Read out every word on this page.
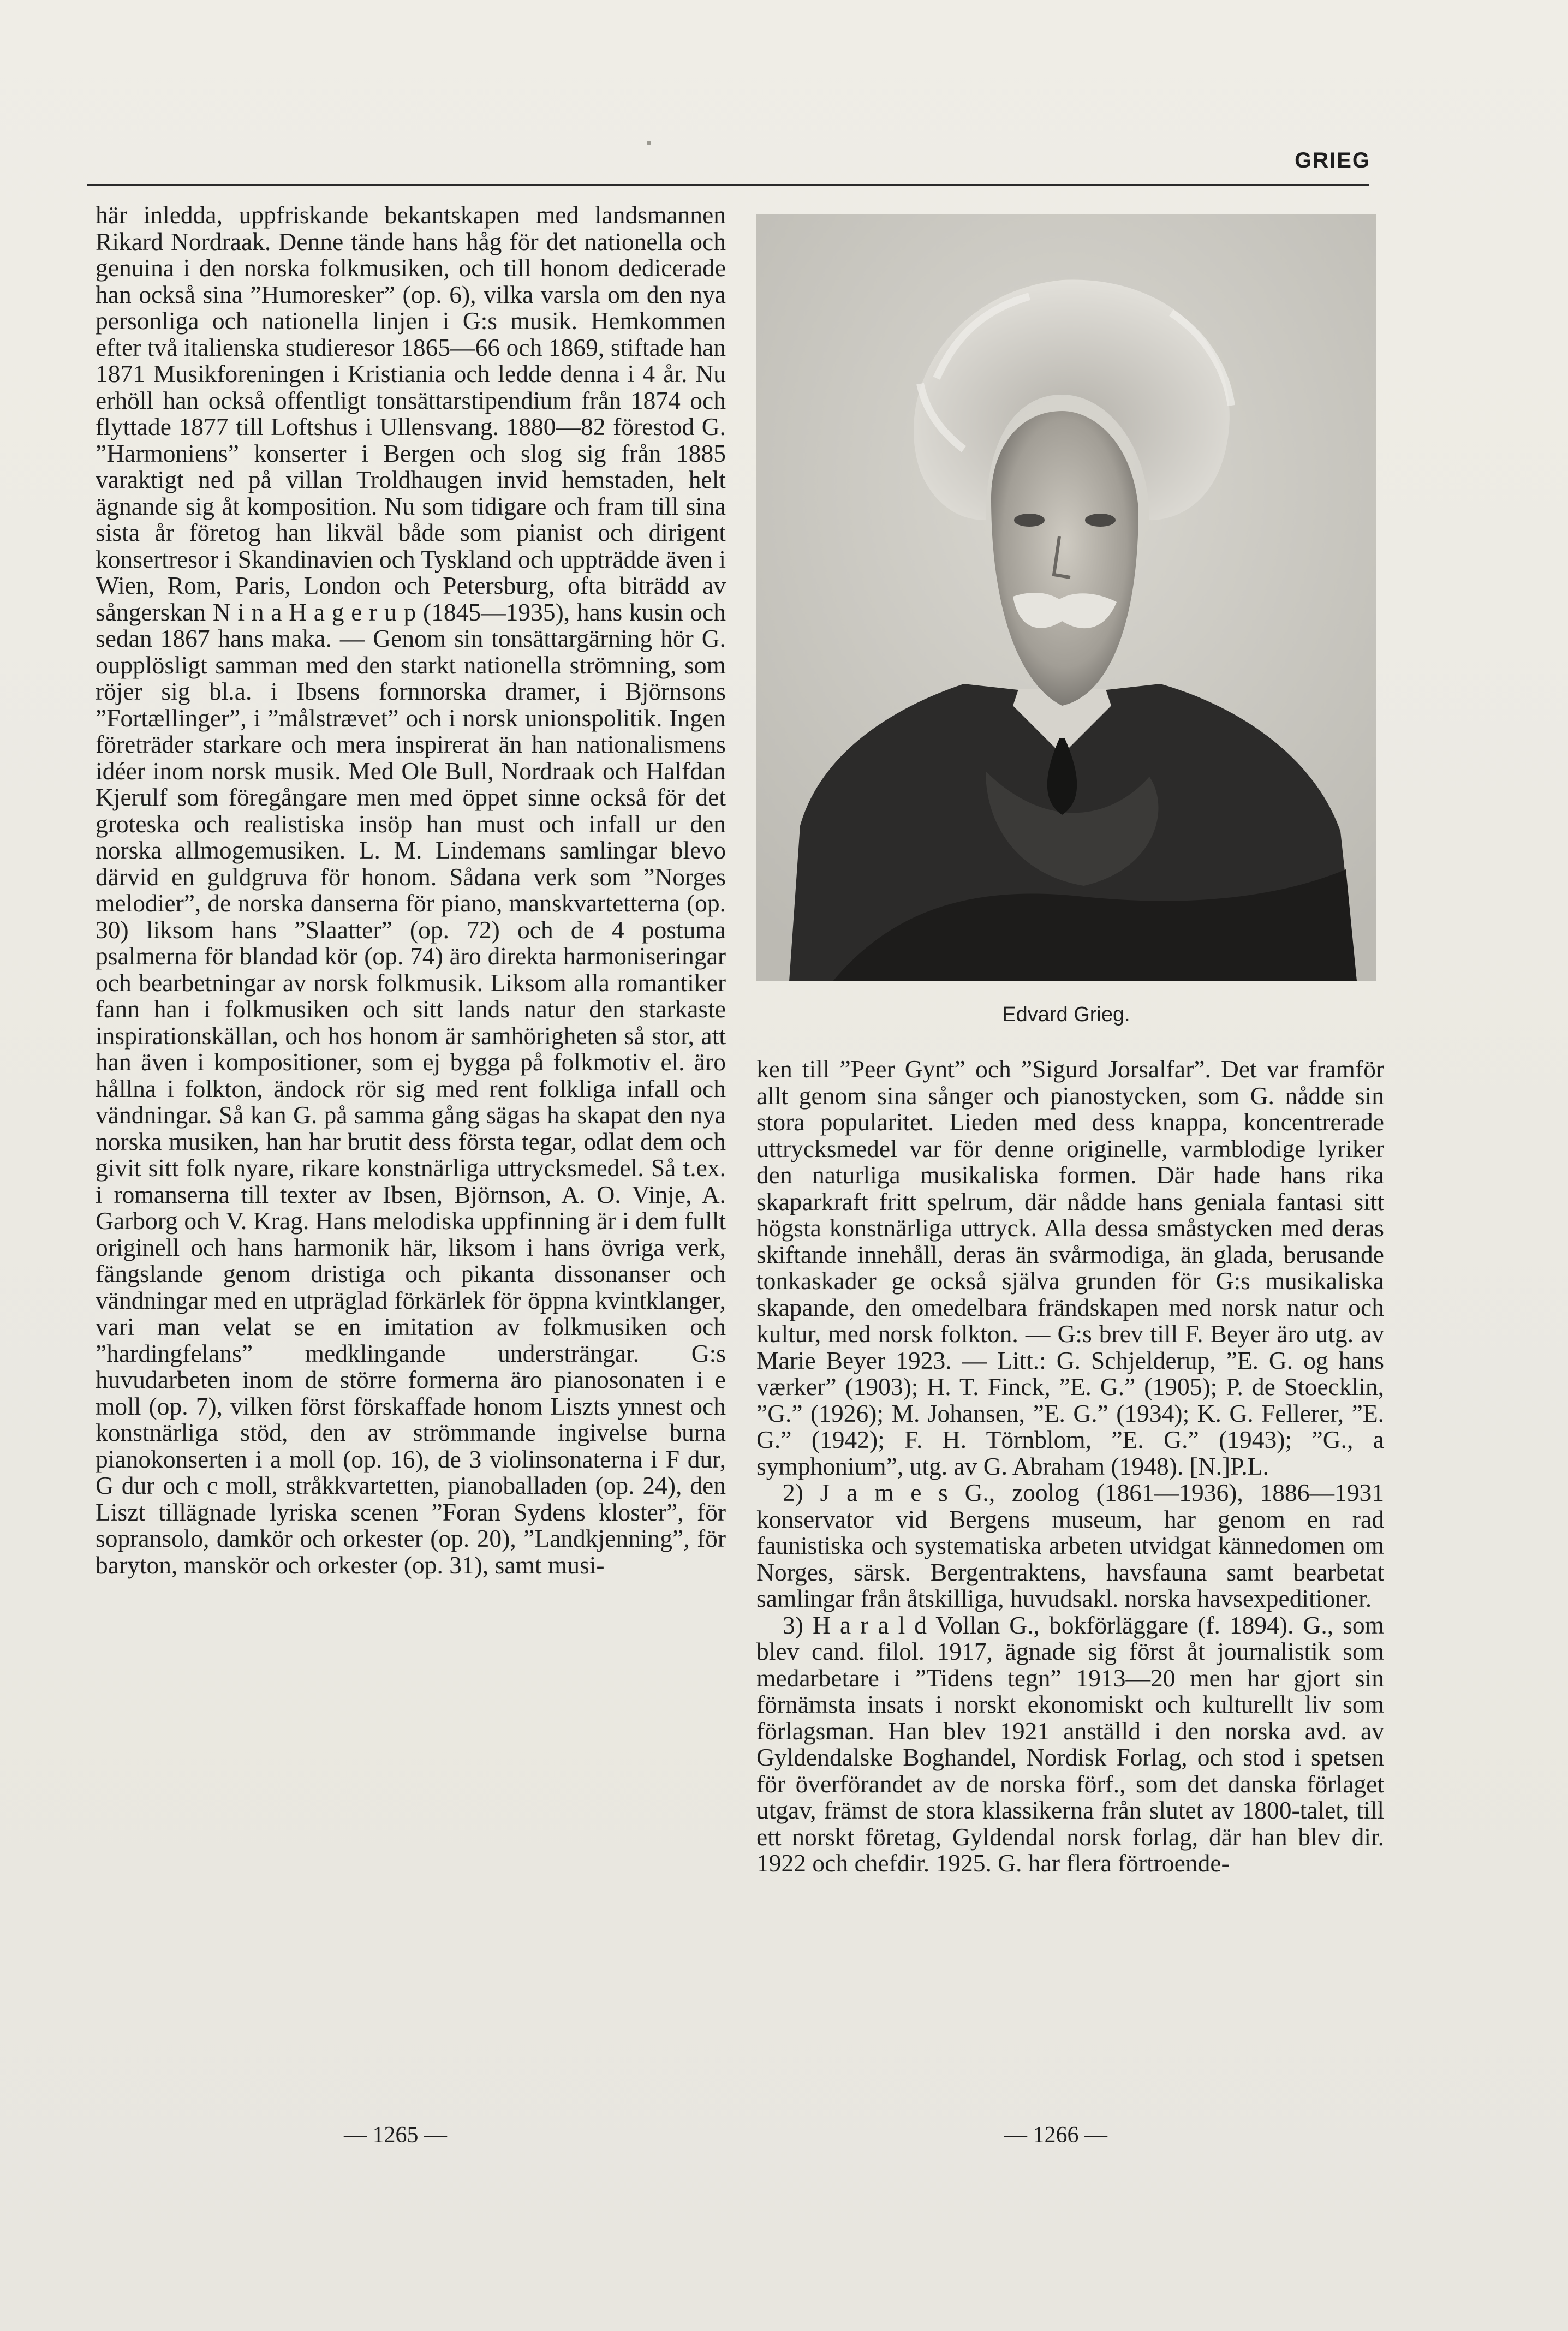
GRIEG

här inledda, uppfriskande bekantskapen med landsmannen Rikard Nordraak. Denne tände hans håg för det nationella och genuina i den norska folkmusiken, och till honom dedicerade han också sina ”Humoresker” (op. 6), vilka varsla om den nya personliga och nationella linjen i G:s musik. Hemkommen efter två italienska studieresor 1865—66 och 1869, stiftade han 1871 Musikforeningen i Kristiania och ledde denna i 4 år. Nu erhöll han också offentligt tonsättarstipendium från 1874 och flyttade 1877 till Loftshus i Ullensvang. 1880—82 förestod G. ”Harmoniens” konserter i Bergen och slog sig från 1885 varaktigt ned på villan Troldhaugen invid hemstaden, helt ägnande sig åt komposition. Nu som tidigare och fram till sina sista år företog han likväl både som pianist och dirigent konsertresor i Skandinavien och Tyskland och uppträdde även i Wien, Rom, Paris, London och Petersburg, ofta biträdd av sångerskan N i n a H a g e r u p (1845—1935), hans kusin och sedan 1867 hans maka. — Genom sin tonsättargärning hör G. oupplösligt samman med den starkt nationella strömning, som röjer sig bl.a. i Ibsens fornnorska dramer, i Björnsons ”Fortællinger”, i ”målstrævet” och i norsk unionspolitik. Ingen företräder starkare och mera inspirerat än han nationalismens idéer inom norsk musik. Med Ole Bull, Nordraak och Halfdan Kjerulf som föregångare men med öppet sinne också för det groteska och realistiska insöp han must och infall ur den norska allmogemusiken. L. M. Lindemans samlingar blevo därvid en guldgruva för honom. Sådana verk som ”Norges melodier”, de norska danserna för piano, manskvartetterna (op. 30) liksom hans ”Slaatter” (op. 72) och de 4 postuma psalmerna för blandad kör (op. 74) äro direkta harmoniseringar och bearbetningar av norsk folkmusik. Liksom alla romantiker fann han i folkmusiken och sitt lands natur den starkaste inspirationskällan, och hos honom är samhörigheten så stor, att han även i kompositioner, som ej bygga på folkmotiv el. äro hållna i folkton, ändock rör sig med rent folkliga infall och vändningar. Så kan G. på samma gång sägas ha skapat den nya norska musiken, han har brutit dess första tegar, odlat dem och givit sitt folk nyare, rikare konstnärliga uttrycksmedel. Så t.ex. i romanserna till texter av Ibsen, Björnson, A. O. Vinje, A. Garborg och V. Krag. Hans melodiska uppfinning är i dem fullt originell och hans harmonik här, liksom i hans övriga verk, fängslande genom dristiga och pikanta dissonanser och vändningar med en utpräglad förkärlek för öppna kvintklanger, vari man velat se en imitation av folkmusiken och ”hardingfelans” medklingande understrängar. G:s huvudarbeten inom de större formerna äro pianosonaten i e moll (op. 7), vilken först förskaffade honom Liszts ynnest och konstnärliga stöd, den av strömmande ingivelse burna pianokonserten i a moll (op. 16), de 3 violinsonaterna i F dur, G dur och c moll, stråkkvartetten, pianoballaden (op. 24), den Liszt tillägnade lyriska scenen ”Foran Sydens kloster”, för sopransolo, damkör och orkester (op. 20), ”Landkjenning”, för baryton, manskör och orkester (op. 31), samt musi-

Edvard Grieg.

ken till ”Peer Gynt” och ”Sigurd Jorsalfar”. Det var framför allt genom sina sånger och pianostycken, som G. nådde sin stora popularitet. Lieden med dess knappa, koncentrerade uttrycksmedel var för denne originelle, varmblodige lyriker den naturliga musikaliska formen. Där hade hans rika skaparkraft fritt spelrum, där nådde hans geniala fantasi sitt högsta konstnärliga uttryck. Alla dessa småstycken med deras skiftande innehåll, deras än svårmodiga, än glada, berusande tonkaskader ge också själva grunden för G:s musikaliska skapande, den omedelbara frändskapen med norsk natur och kultur, med norsk folkton. — G:s brev till F. Beyer äro utg. av Marie Beyer 1923. — Litt.: G. Schjelderup, ”E. G. og hans værker” (1903); H. T. Finck, ”E. G.” (1905); P. de Stoecklin, ”G.” (1926); M. Johansen, ”E. G.” (1934); K. G. Fellerer, ”E. G.” (1942); F. H. Törnblom, ”E. G.” (1943); ”G., a symphonium”, utg. av G. Abraham (1948). [N.]P.L.

2) J a m e s G., zoolog (1861—1936), 1886—1931 konservator vid Bergens museum, har genom en rad faunistiska och systematiska arbeten utvidgat kännedomen om Norges, särsk. Bergentraktens, havsfauna samt bearbetat samlingar från åtskilliga, huvudsakl. norska havsexpeditioner.

3) H a r a l d Vollan G., bokförläggare (f. 1894). G., som blev cand. filol. 1917, ägnade sig först åt journalistik som medarbetare i ”Tidens tegn” 1913—20 men har gjort sin förnämsta insats i norskt ekonomiskt och kulturellt liv som förlagsman. Han blev 1921 anställd i den norska avd. av Gyldendalske Boghandel, Nordisk Forlag, och stod i spetsen för överförandet av de norska förf., som det danska förlaget utgav, främst de stora klassikerna från slutet av 1800-talet, till ett norskt företag, Gyldendal norsk forlag, där han blev dir. 1922 och chefdir. 1925. G. har flera förtroende-

— 1265 —	— 1266 —
